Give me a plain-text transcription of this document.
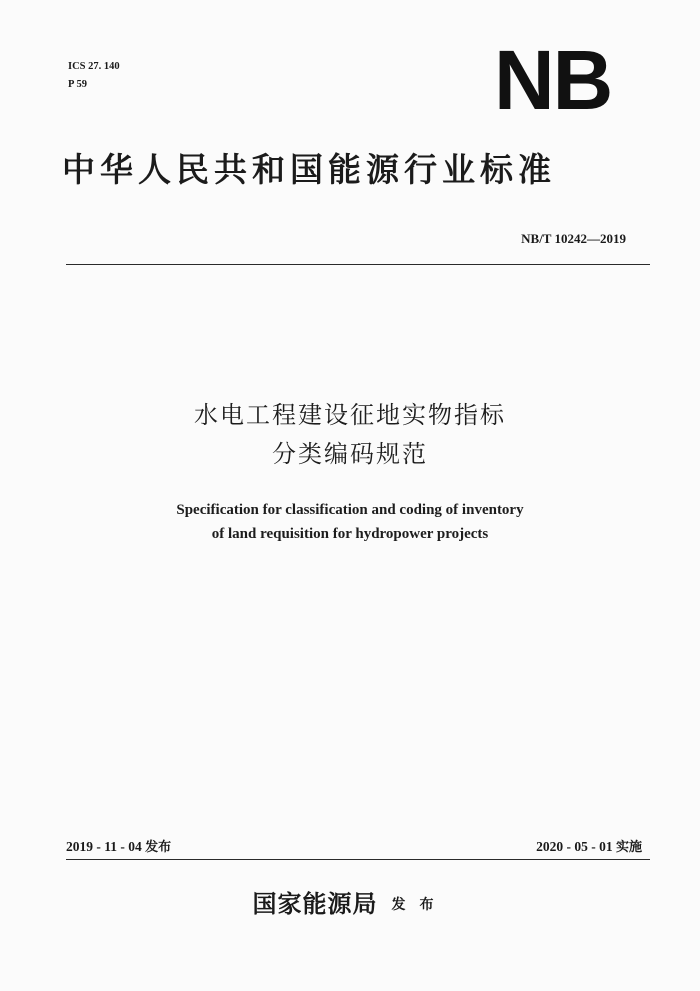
ICS 27. 140
P 59	NB
中华人民共和国能源行业标准
NB/T 10242—2019
水电工程建设征地实物指标
分类编码规范
Specification for classification and coding of inventory
of land requisition for hydropower projects
2019 - 11 - 04 发布	2020 - 05 - 01 实施
国家能源局 发布
